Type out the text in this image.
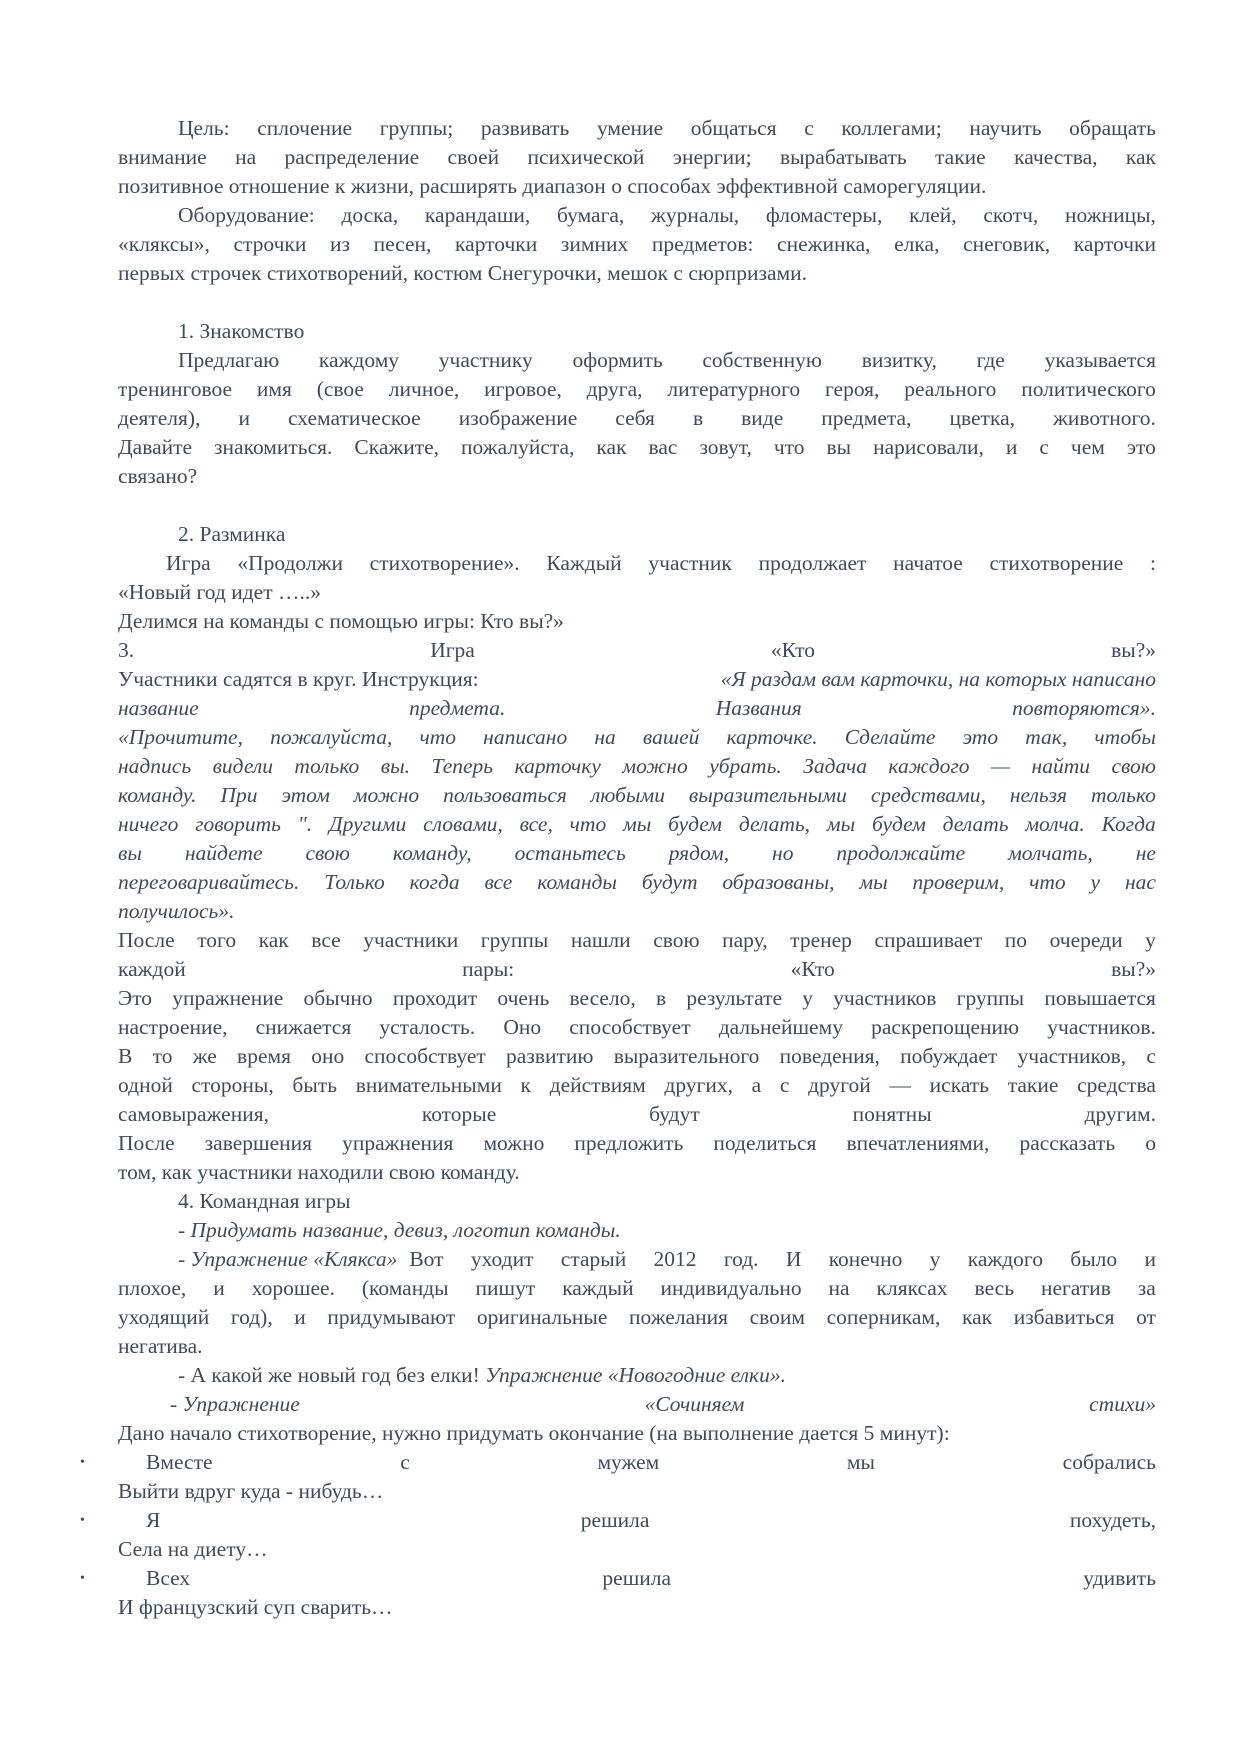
Цель: сплочение группы; развивать умение общаться с коллегами; научить обращать
внимание на распределение своей психической энергии; вырабатывать такие качества, как
позитивное отношение к жизни, расширять диапазон о способах эффективной саморегуляции.
Оборудование: доска, карандаши, бумага, журналы, фломастеры, клей, скотч, ножницы,
«кляксы», строчки из песен, карточки зимних предметов: снежинка, елка, снеговик, карточки
первых строчек стихотворений, костюм Снегурочки, мешок с сюрпризами.
1. Знакомство
Предлагаю каждому участнику оформить собственную визитку, где указывается
тренинговое имя (свое личное, игровое, друга, литературного героя, реального политического
деятеля), и схематическое изображение себя в виде предмета, цветка, животного.
Давайте знакомиться. Скажите, пожалуйста, как вас зовут, что вы нарисовали, и с чем это
связано?
2. Разминка
Игра «Продолжи стихотворение». Каждый участник продолжает начатое стихотворение :
«Новый год идет …..»
Делимся на команды с помощью игры: Кто вы?»
3.	Игра	«Кто	вы?»
Участники садятся в круг. Инструкция:	«Я раздам вам карточки, на которых написано
название	предмета.	Названия	повторяются».
«Прочитите, пожалуйста, что написано на вашей карточке. Сделайте это так, чтобы
надпись видели только вы. Теперь карточку можно убрать. Задача каждого — найти свою
команду. При этом можно пользоваться любыми выразительными средствами, нельзя только
ничего говорить ". Другими словами, все, что мы будем делать, мы будем делать молча. Когда
вы найдете свою команду, останьтесь рядом, но продолжайте молчать, не
переговаривайтесь. Только когда все команды будут образованы, мы проверим, что у нас
получилось».
После того как все участники группы нашли свою пару, тренер спрашивает по очереди у
каждой	пары:	«Кто	вы?»
Это упражнение обычно проходит очень весело, в результате у участников группы повышается
настроение, снижается усталость. Оно способствует дальнейшему раскрепощению участников.
В то же время оно способствует развитию выразительного поведения, побуждает участников, с
одной стороны, быть внимательными к действиям других, а с другой — искать такие средства
самовыражения,	которые	будут	понятны	другим.
После завершения упражнения можно предложить поделиться впечатлениями, рассказать о
том, как участники находили свою команду.
4. Командная игры
- Придумать название, девиз, логотип команды.
- Упражнение «Клякса» Вот уходит старый 2012 год. И конечно у каждого было и
плохое, и хорошее. (команды пишут каждый индивидуально на кляксах весь негатив за
уходящий год), и придумывают оригинальные пожелания своим соперникам, как избавиться от
негатива.
- А какой же новый год без елки! Упражнение «Новогодние елки».
- Упражнение	«Сочиняем	стихи»
Дано начало стихотворение, нужно придумать окончание (на выполнение дается 5 минут):
•	Вместе	с	мужем	мы	собрались
Выйти вдруг куда - нибудь…
•	Я	решила	похудеть,
Села на диету…
•	Всех	решила	удивить
И французский суп сварить…
